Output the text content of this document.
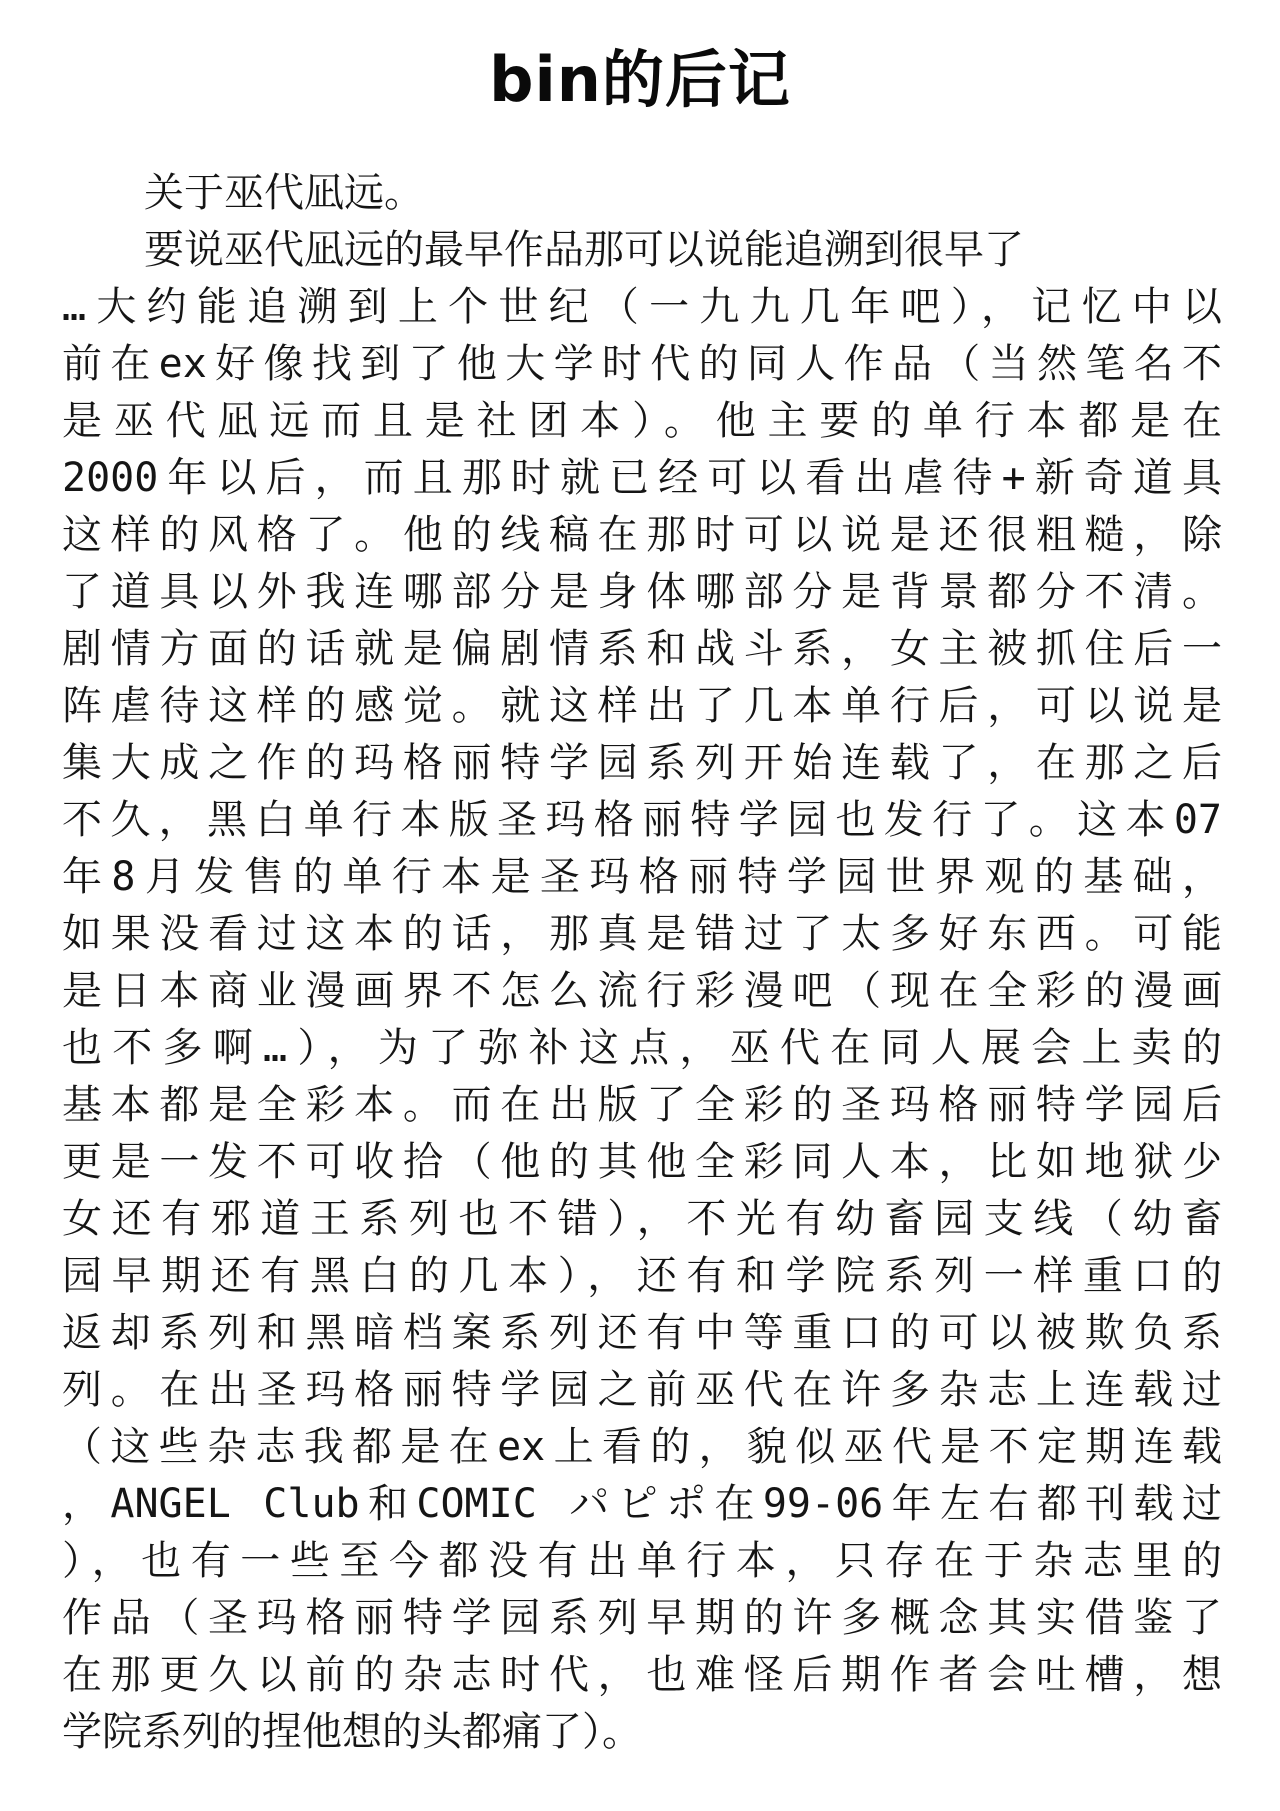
bin的后记
关于巫代凪远。
要说巫代凪远的最早作品那可以说能追溯到很早了
…大约能追溯到上个世纪（一九九几年吧），记忆中以
前在ex好像找到了他大学时代的同人作品（当然笔名不
是巫代凪远而且是社团本）。他主要的单行本都是在
2000年以后，而且那时就已经可以看出虐待+新奇道具
这样的风格了。他的线稿在那时可以说是还很粗糙，除
了道具以外我连哪部分是身体哪部分是背景都分不清。
剧情方面的话就是偏剧情系和战斗系，女主被抓住后一
阵虐待这样的感觉。就这样出了几本单行后，可以说是
集大成之作的玛格丽特学园系列开始连载了，在那之后
不久，黑白单行本版圣玛格丽特学园也发行了。这本07
年8月发售的单行本是圣玛格丽特学园世界观的基础，
如果没看过这本的话，那真是错过了太多好东西。可能
是日本商业漫画界不怎么流行彩漫吧（现在全彩的漫画
也不多啊…），为了弥补这点，巫代在同人展会上卖的
基本都是全彩本。而在出版了全彩的圣玛格丽特学园后
更是一发不可收拾（他的其他全彩同人本，比如地狱少
女还有邪道王系列也不错），不光有幼畜园支线（幼畜
园早期还有黑白的几本），还有和学院系列一样重口的
返却系列和黑暗档案系列还有中等重口的可以被欺负系
列。在出圣玛格丽特学园之前巫代在许多杂志上连载过
（这些杂志我都是在ex上看的，貌似巫代是不定期连载
，ANGEL Club和COMIC パピポ在99-06年左右都刊载过
），也有一些至今都没有出单行本，只存在于杂志里的
作品（圣玛格丽特学园系列早期的许多概念其实借鉴了
在那更久以前的杂志时代，也难怪后期作者会吐槽，想
学院系列的捏他想的头都痛了）。
